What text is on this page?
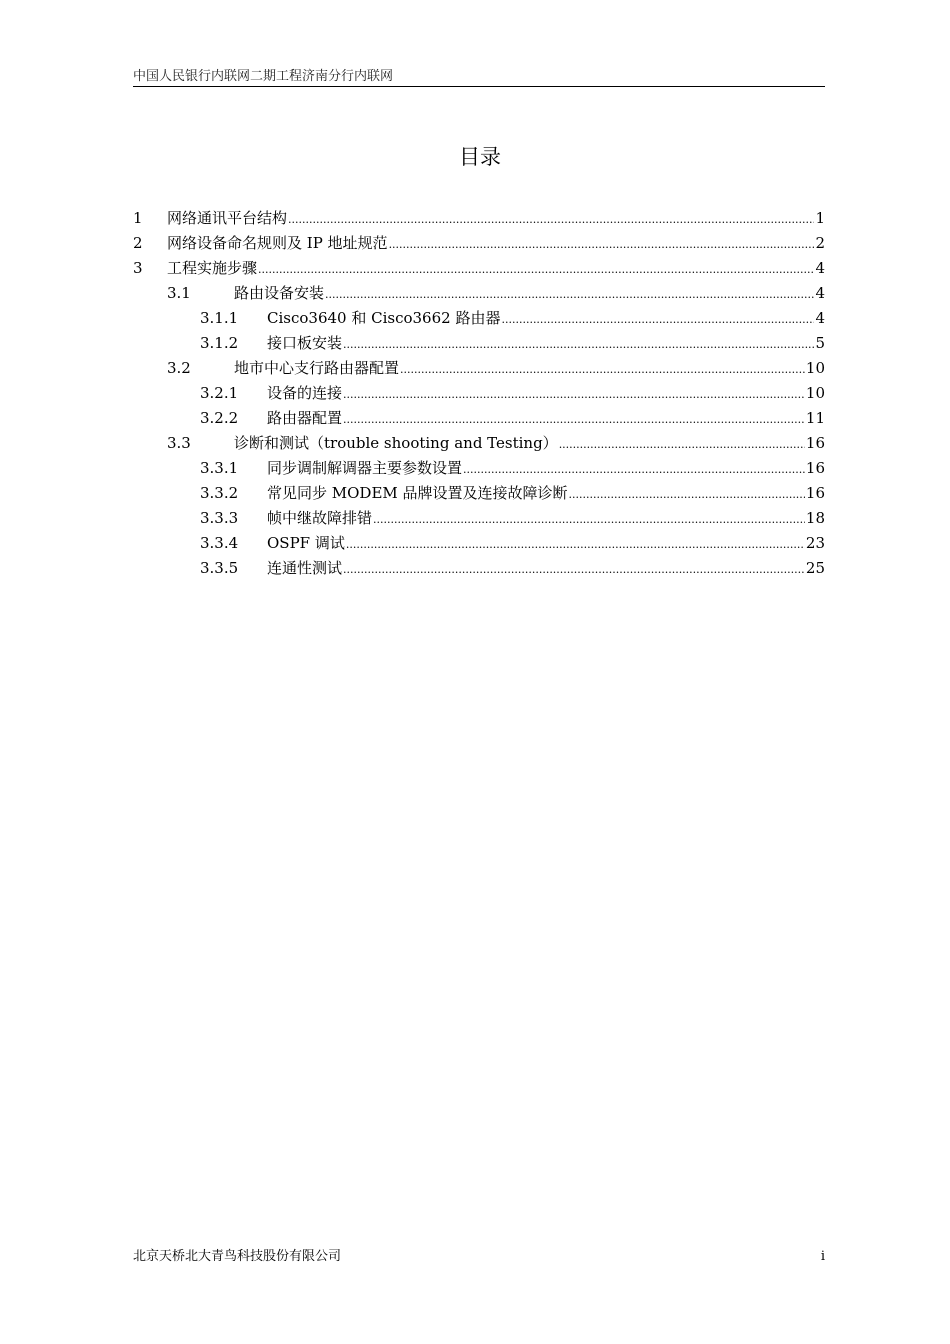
中国人民银行内联网二期工程济南分行内联网
目录
1	网络通讯平台结构 .....	1
2	网络设备命名规则及 IP 地址规范 .....	2
3	工程实施步骤 .....	4
3.1	路由设备安装 .....	4
3.1.1	Cisco3640 和 Cisco3662 路由器 .....	4
3.1.2	接口板安装 .....	5
3.2	地市中心支行路由器配置 .....	10
3.2.1	设备的连接 .....	10
3.2.2	路由器配置 .....	11
3.3	诊断和测试（trouble shooting and Testing） .....	16
3.3.1	同步调制解调器主要参数设置 .....	16
3.3.2	常见同步 MODEM 品牌设置及连接故障诊断 .....	16
3.3.3	帧中继故障排错 .....	18
3.3.4	OSPF 调试 .....	23
3.3.5	连通性测试 .....	25
北京天桥北大青鸟科技股份有限公司	i
